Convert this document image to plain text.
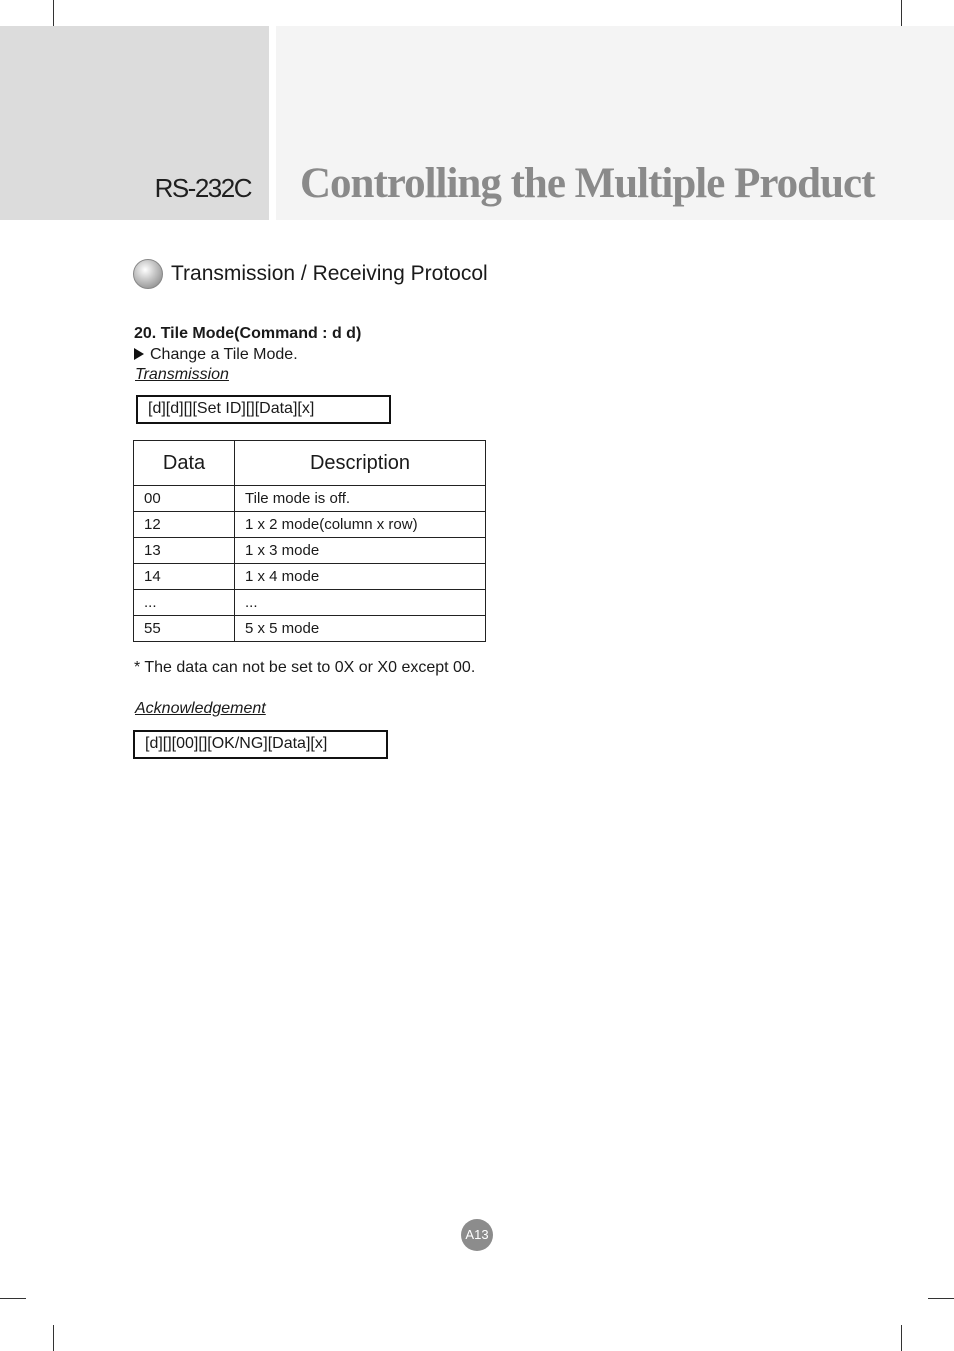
RS-232C Controlling the Multiple Product
Transmission / Receiving Protocol
20. Tile Mode(Command : d d)
Change a Tile Mode.
Transmission
[d][d][][Set ID][][Data][x]
Data	Description
00	Tile mode is off.
12	1 x 2 mode(column x row)
13	1 x 3 mode
14	1 x 4 mode
...	...
55	5 x 5 mode
* The data can not be set to 0X or X0 except 00.
Acknowledgement
[d][][00][][OK/NG][Data][x]
A13
